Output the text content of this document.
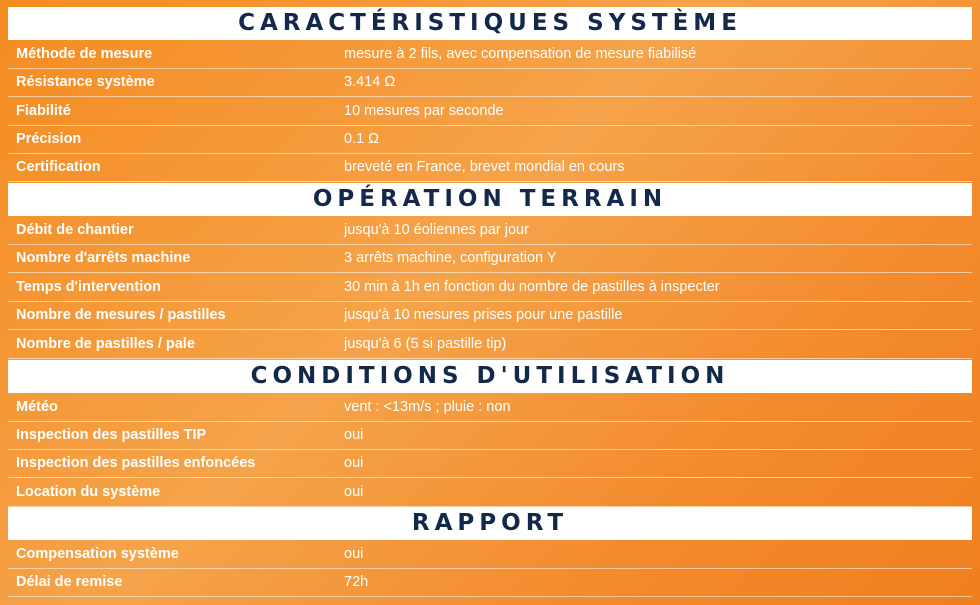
CARACTÉRISTIQUES SYSTÈME
Méthode de mesure	mesure à 2 fils, avec compensation de mesure fiabilisé
Résistance système	3.414 Ω
Fiabilité	10 mesures par seconde
Précision	0.1 Ω
Certification	breveté en France, brevet mondial en cours
OPÉRATION TERRAIN
Débit de chantier	jusqu'à 10 éoliennes par jour
Nombre d'arrêts machine	3 arrêts machine, configuration Y
Temps d'intervention	30 min à 1h en fonction du nombre de pastilles à inspecter
Nombre de mesures / pastilles	jusqu'à 10 mesures prises pour une pastille
Nombre de pastilles / pale	jusqu'à 6 (5 si pastille tip)
CONDITIONS D'UTILISATION
Météo	vent : <13m/s ; pluie : non
Inspection des pastilles TIP	oui
Inspection des pastilles enfoncées	oui
Location du système	oui
RAPPORT
Compensation système	oui
Délai de remise	72h
